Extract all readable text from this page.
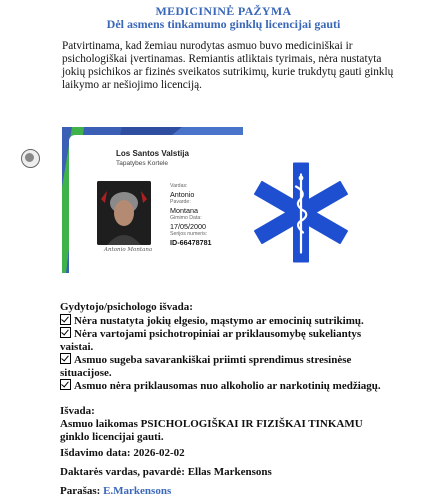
MEDICININĖ PAŽYMA
Dėl asmens tinkamumo ginklų licencijai gauti
Patvirtinama, kad žemiau nurodytas asmuo buvo mediciniškai ir psichologiškai įvertinamas. Remiantis atliktais tyrimais, nėra nustatyta jokių psichikos ar fizinės sveikatos sutrikimų, kurie trukdytų gauti ginklų laikymo ar nešiojimo licenciją.
Los Santos Valstija
Tapatybes Kortele
Antonio Montana
Vardas:
Antonio
Pavarde:
Montana
Gimimo Data:
17/05/2000
Serijos numeris:
ID-66478781
Gydytojo/psichologo išvada:
Nėra nustatyta jokių elgesio, mąstymo ar emocinių sutrikimų.
Nėra vartojami psichotropiniai ar priklausomybę sukeliantys vaistai.
Asmuo sugeba savarankiškai priimti sprendimus stresinėse situacijose.
Asmuo nėra priklausomas nuo alkoholio ar narkotinių medžiagų.
Išvada:
Asmuo laikomas PSICHOLOGIŠKAI IR FIZIŠKAI TINKAMU ginklo licencijai gauti.
Išdavimo data: 2026-02-02
Daktarės vardas, pavardė: Ellas Markensons
Parašas: E.Markensons
